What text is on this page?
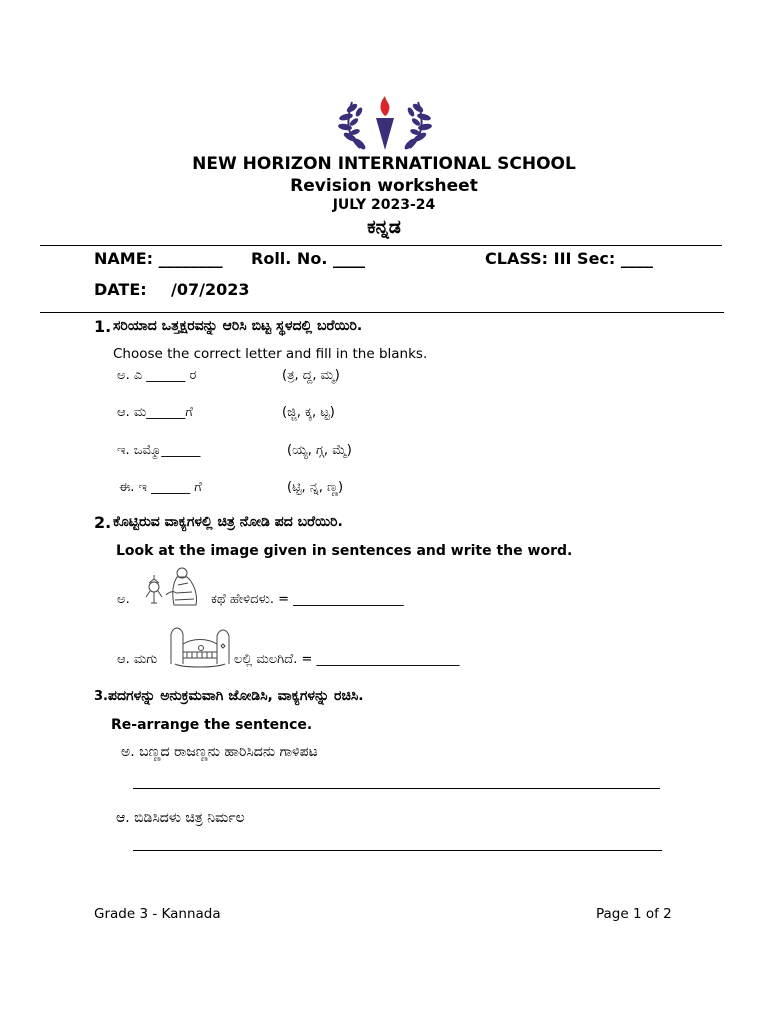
NEW HORIZON INTERNATIONAL SCHOOL
Revision worksheet
JULY 2023-24
ಕನ್ನಡ
NAME: ________ Roll. No. ____	CLASS: III Sec: ____
DATE: /07/2023
1. ಸರಿಯಾದ ಒತ್ತಕ್ಷರವನ್ನು ಆರಿಸಿ ಬಿಟ್ಟ ಸ್ಥಳದಲ್ಲಿ ಬರೆಯಿರಿ.
Choose the correct letter and fill in the blanks.
ಅ. ಎ ______ ರ	(ತ್ರ, ದ್ದ, ಮ್ಮ)
ಆ. ಮ______ಗೆ	(ಜ್ಜಿ, ಕ್ಕ, ಟ್ಟ)
ಇ. ಒಮ್ಮೊ______	(ಯ್ಯ, ಗ್ಗ, ಮ್ಮೆ)
ಈ. ಇ ______ ಗೆ	(ಟ್ಟಿ, ನ್ನ, ಣ್ಣ)
2. ಕೊಟ್ಟಿರುವ ವಾಕ್ಯಗಳಲ್ಲಿ ಚಿತ್ರ ನೋಡಿ ಪದ ಬರೆಯಿರಿ.
Look at the image given in sentences and write the word.
ಅ.	ಕಥೆ ಹೇಳಿದಳು. = _________________
ಆ. ಮಗು	ಲಲ್ಲಿ ಮಲಗಿದೆ. = ______________________
3. ಪದಗಳನ್ನು ಅನುಕ್ರಮವಾಗಿ ಜೋಡಿಸಿ, ವಾಕ್ಯಗಳನ್ನು ರಚಿಸಿ.
Re-arrange the sentence.
ಅ. ಬಣ್ಣದ ರಾಜಣ್ಣನು ಹಾರಿಸಿದನು ಗಾಳಿಪಟ
ಆ. ಬಿಡಿಸಿದಳು ಚಿತ್ರ ನಿರ್ಮಲ
Grade 3 - Kannada	Page 1 of 2
